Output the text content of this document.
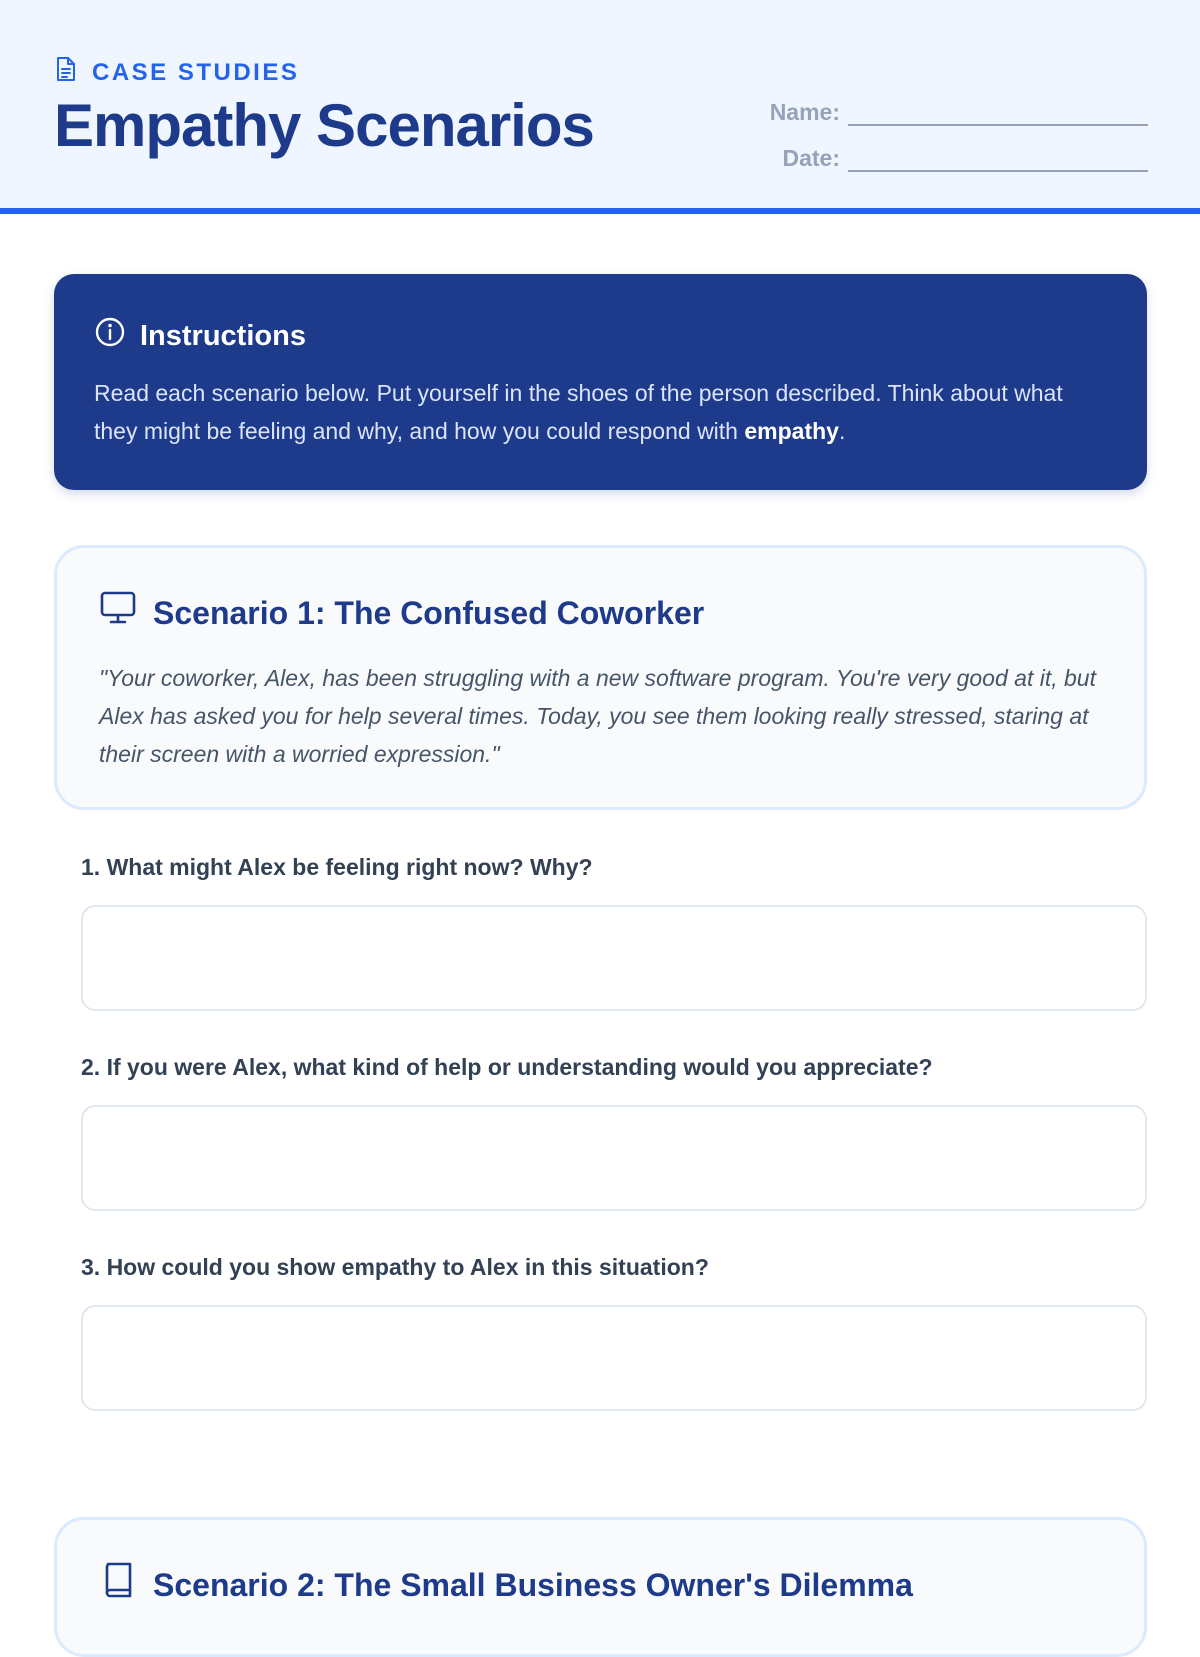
CASE STUDIES
Empathy Scenarios	Name:
Date:
Instructions

Read each scenario below. Put yourself in the shoes of the person described. Think about what they might be feeling and why, and how you could respond with empathy.

Scenario 1: The Confused Coworker

"Your coworker, Alex, has been struggling with a new software program. You're very good at it, but Alex has asked you for help several times. Today, you see them looking really stressed, staring at their screen with a worried expression."

1. What might Alex be feeling right now? Why?

2. If you were Alex, what kind of help or understanding would you appreciate?

3. How could you show empathy to Alex in this situation?

Scenario 2: The Small Business Owner's Dilemma
